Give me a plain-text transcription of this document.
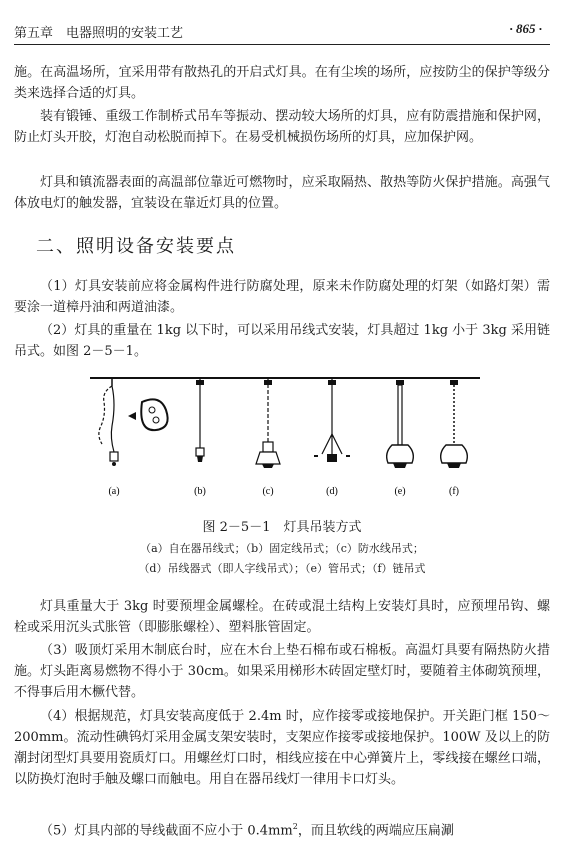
第五章　电器照明的安装工艺	· 865 ·

施。在高温场所，宜采用带有散热孔的开启式灯具。在有尘埃的场所，应按防尘的保护等级分类来选择合适的灯具。

装有锻锤、重级工作制桥式吊车等振动、摆动较大场所的灯具，应有防震措施和保护网，防止灯头开胶，灯泡自动松脱而掉下。在易受机械损伤场所的灯具，应加保护网。

灯具和镇流器表面的高温部位靠近可燃物时，应采取隔热、散热等防火保护措施。高强气体放电灯的触发器，宜装设在靠近灯具的位置。

二、照明设备安装要点

（1）灯具安装前应将金属构件进行防腐处理，原来未作防腐处理的灯架（如路灯架）需要涂一道樟丹油和两道油漆。

（2）灯具的重量在 1kg 以下时，可以采用吊线式安装，灯具超过 1kg 小于 3kg 采用链吊式。如图 2－5－1。

(a)	(b)	(c)	(d)	(e)	(f)
图 2－5－1　灯具吊装方式
（a）自在器吊线式；（b）固定线吊式；（c）防水线吊式；
（d）吊线器式（即人字线吊式）；（e）管吊式；（f）链吊式

灯具重量大于 3kg 时要预埋金属螺栓。在砖或混土结构上安装灯具时，应预埋吊钩、螺栓或采用沉头式胀管（即膨胀螺栓）、塑料胀管固定。

（3）吸顶灯采用木制底台时，应在木台上垫石棉布或石棉板。高温灯具要有隔热防火措施。灯头距离易燃物不得小于 30cm。如果采用梯形木砖固定壁灯时，要随着主体砌筑预埋，不得事后用木橛代替。

（4）根据规范，灯具安装高度低于 2.4m 时，应作接零或接地保护。开关距门框 150～200mm。流动性碘钨灯采用金属支架安装时，支架应作接零或接地保护。100W 及以上的防潮封闭型灯具要用瓷质灯口。用螺丝灯口时，相线应接在中心弹簧片上，零线接在螺丝口端，以防换灯泡时手触及螺口而触电。用自在器吊线灯一律用卡口灯头。

（5）灯具内部的导线截面不应小于 $0.4mm^2$，而且软线的两端应压扁涮
